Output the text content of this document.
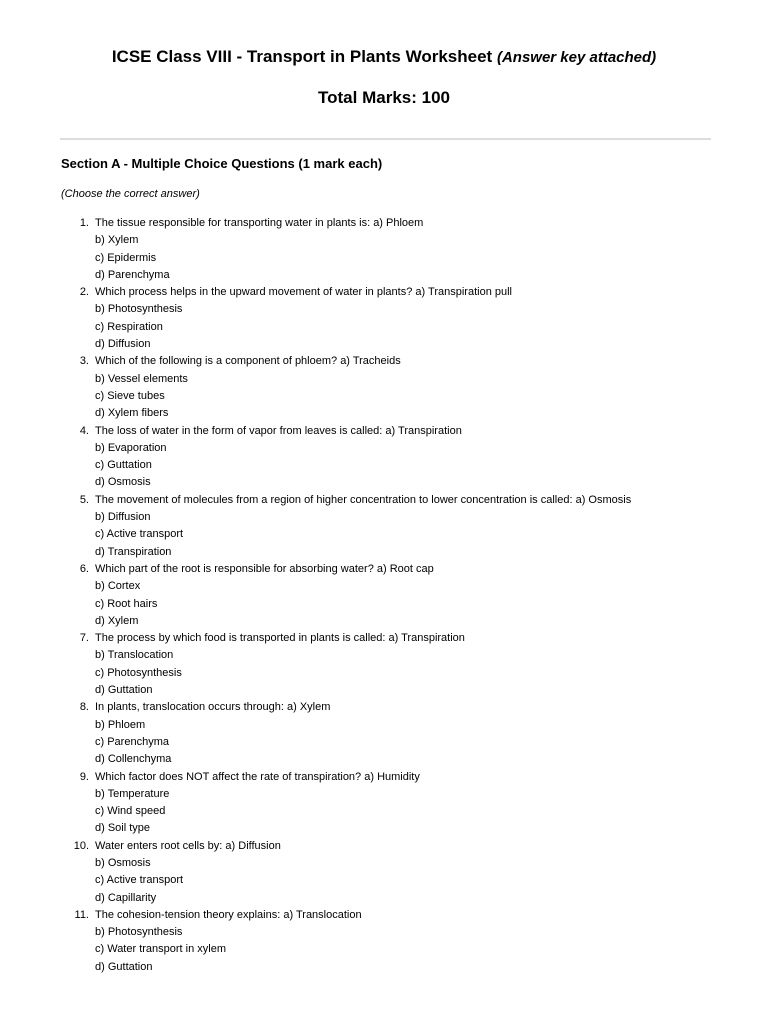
ICSE Class VIII - Transport in Plants Worksheet (Answer key attached)
Total Marks: 100
Section A - Multiple Choice Questions (1 mark each)
(Choose the correct answer)
1. The tissue responsible for transporting water in plants is: a) Phloem
b) Xylem
c) Epidermis
d) Parenchyma
2. Which process helps in the upward movement of water in plants? a) Transpiration pull
b) Photosynthesis
c) Respiration
d) Diffusion
3. Which of the following is a component of phloem? a) Tracheids
b) Vessel elements
c) Sieve tubes
d) Xylem fibers
4. The loss of water in the form of vapor from leaves is called: a) Transpiration
b) Evaporation
c) Guttation
d) Osmosis
5. The movement of molecules from a region of higher concentration to lower concentration is called: a) Osmosis
b) Diffusion
c) Active transport
d) Transpiration
6. Which part of the root is responsible for absorbing water? a) Root cap
b) Cortex
c) Root hairs
d) Xylem
7. The process by which food is transported in plants is called: a) Transpiration
b) Translocation
c) Photosynthesis
d) Guttation
8. In plants, translocation occurs through: a) Xylem
b) Phloem
c) Parenchyma
d) Collenchyma
9. Which factor does NOT affect the rate of transpiration? a) Humidity
b) Temperature
c) Wind speed
d) Soil type
10. Water enters root cells by: a) Diffusion
b) Osmosis
c) Active transport
d) Capillarity
11. The cohesion-tension theory explains: a) Translocation
b) Photosynthesis
c) Water transport in xylem
d) Guttation
